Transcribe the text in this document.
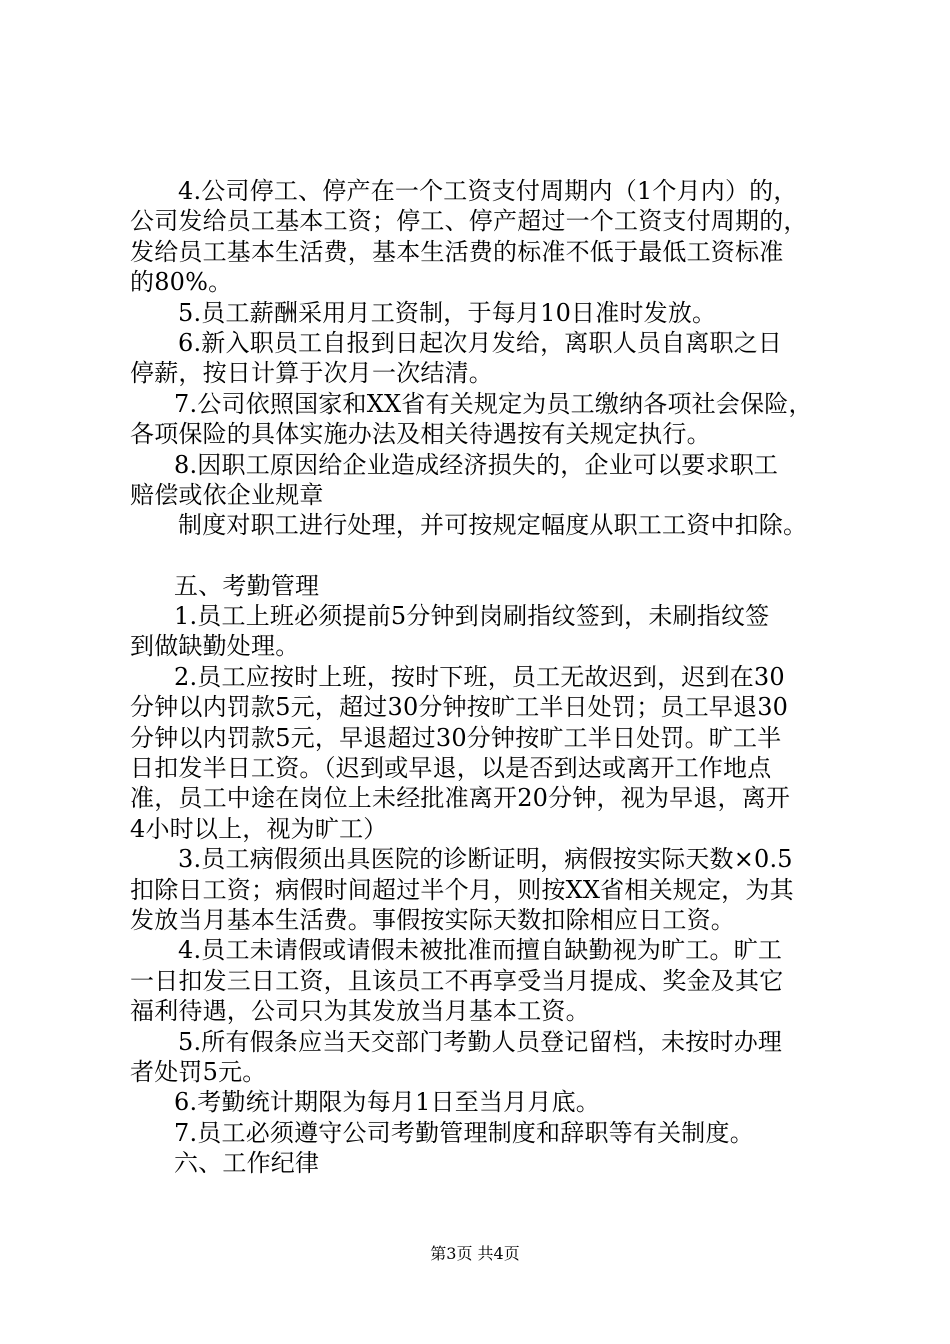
4.公司停工、停产在一个工资支付周期内（1个月内）的，
公司发给员工基本工资；停工、停产超过一个工资支付周期的，
发给员工基本生活费，基本生活费的标准不低于最低工资标准
的80%。
5.员工薪酬采用月工资制，于每月10日准时发放。
6.新入职员工自报到日起次月发给，离职人员自离职之日
停薪，按日计算于次月一次结清。
7.公司依照国家和XX省有关规定为员工缴纳各项社会保险，
各项保险的具体实施办法及相关待遇按有关规定执行。
8.因职工原因给企业造成经济损失的，企业可以要求职工
赔偿或依企业规章
制度对职工进行处理，并可按规定幅度从职工工资中扣除。
五、考勤管理
1.员工上班必须提前5分钟到岗刷指纹签到，未刷指纹签
到做缺勤处理。
2.员工应按时上班，按时下班，员工无故迟到，迟到在30
分钟以内罚款5元，超过30分钟按旷工半日处罚；员工早退30
分钟以内罚款5元，早退超过30分钟按旷工半日处罚。旷工半
日扣发半日工资。（迟到或早退，以是否到达或离开工作地点
准，员工中途在岗位上未经批准离开20分钟，视为早退，离开
4小时以上，视为旷工）
3.员工病假须出具医院的诊断证明，病假按实际天数×0.5
扣除日工资；病假时间超过半个月，则按XX省相关规定，为其
发放当月基本生活费。事假按实际天数扣除相应日工资。
4.员工未请假或请假未被批准而擅自缺勤视为旷工。旷工
一日扣发三日工资，且该员工不再享受当月提成、奖金及其它
福利待遇，公司只为其发放当月基本工资。
5.所有假条应当天交部门考勤人员登记留档，未按时办理
者处罚5元。
6.考勤统计期限为每月1日至当月月底。
7.员工必须遵守公司考勤管理制度和辞职等有关制度。
六、工作纪律
第3页 共4页
